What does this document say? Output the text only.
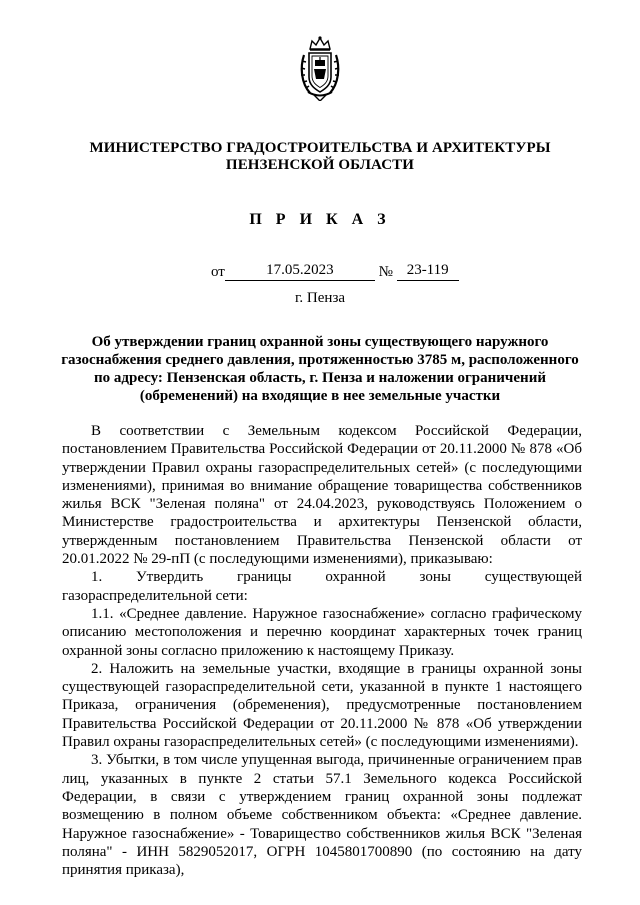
МИНИСТЕРСТВО ГРАДОСТРОИТЕЛЬСТВА И АРХИТЕКТУРЫ
ПЕНЗЕНСКОЙ ОБЛАСТИ
П Р И К А З
от	17.05.2023	№ 23-119
г. Пенза
Об утверждении границ охранной зоны существующего наружного
газоснабжения среднего давления, протяженностью 3785 м, расположенного
по адресу: Пензенская область, г. Пенза и наложении ограничений
(обременений) на входящие в нее земельные участки

В соответствии с Земельным кодексом Российской Федерации, постановлением Правительства Российской Федерации от 20.11.2000 № 878 «Об утверждении Правил охраны газораспределительных сетей» (с последующими изменениями), принимая во внимание обращение товарищества собственников жилья ВСК "Зеленая поляна" от 24.04.2023, руководствуясь Положением о Министерстве градостроительства и архитектуры Пензенской области, утвержденным постановлением Правительства Пензенской области от 20.01.2022 № 29-пП (с последующими изменениями), приказываю:

1. Утвердить границы охранной зоны существующей газораспределительной сети:

1.1. «Среднее давление. Наружное газоснабжение» согласно графическому описанию местоположения и перечню координат характерных точек границ охранной зоны согласно приложению к настоящему Приказу.

2. Наложить на земельные участки, входящие в границы охранной зоны существующей газораспределительной сети, указанной в пункте 1 настоящего Приказа, ограничения (обременения), предусмотренные постановлением Правительства Российской Федерации от 20.11.2000 № 878 «Об утверждении Правил охраны газораспределительных сетей» (с последующими изменениями).

3. Убытки, в том числе упущенная выгода, причиненные ограничением прав лиц, указанных в пункте 2 статьи 57.1 Земельного кодекса Российской Федерации, в связи с утверждением границ охранной зоны подлежат возмещению в полном объеме собственником объекта: «Среднее давление. Наружное газоснабжение» - Товарищество собственников жилья ВСК "Зеленая поляна" - ИНН 5829052017, ОГРН 1045801700890 (по состоянию на дату принятия приказа),
